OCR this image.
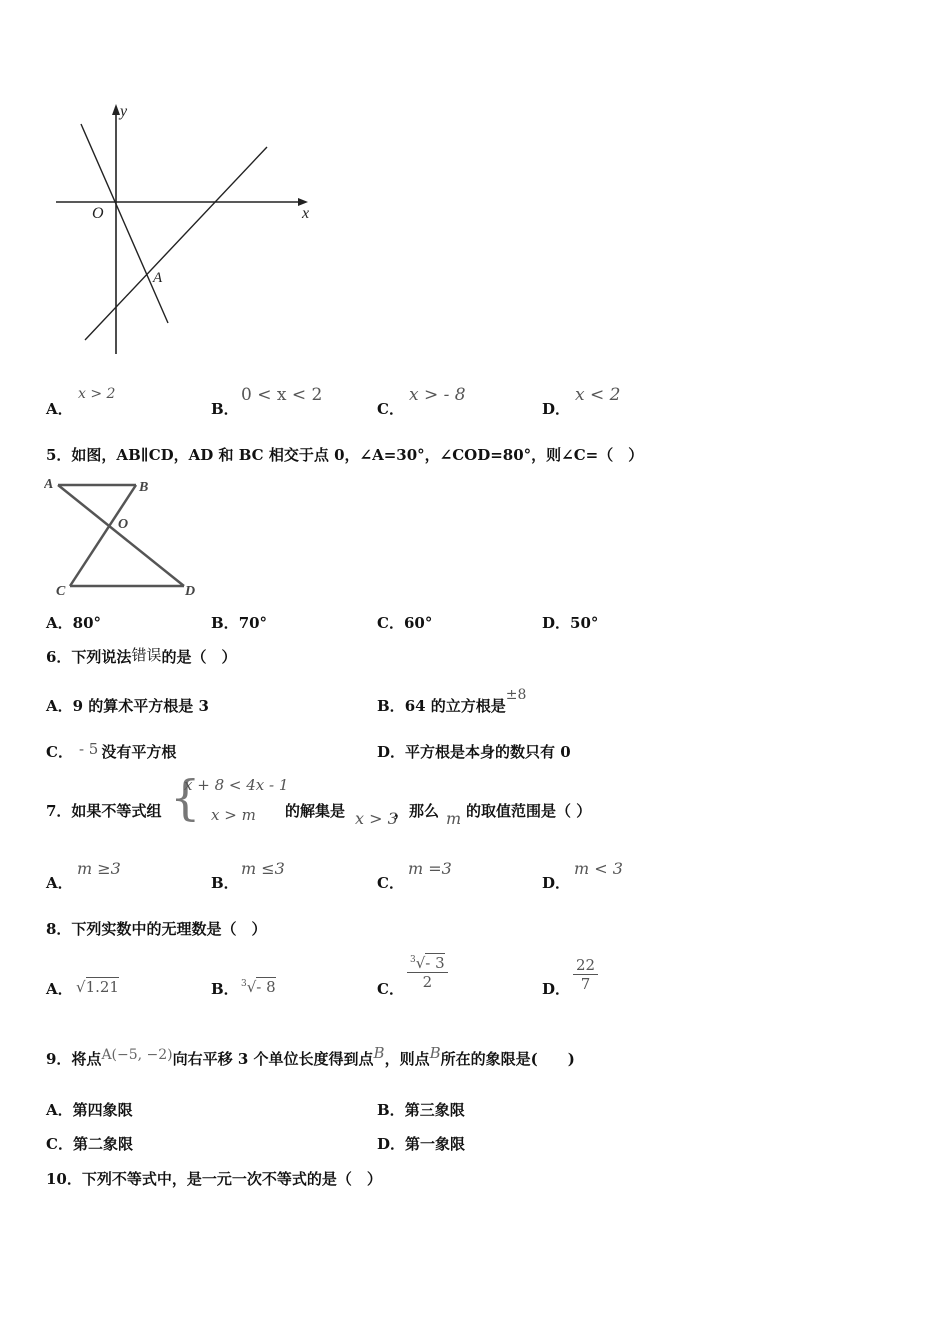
y
x
O
A
A．
x > 2
B．
0 < x < 2
C．
x > - 8
D．
x < 2
5．如图，AB∥CD，AD 和 BC 相交于点 0，∠A=30°，∠COD=80°，则∠C=（　）
A	B
O
C	D
A．80°	B．70°	C．60°	D．50°
6．下列说法错误的是（　）
A．9 的算术平方根是 3	B．64 的立方根是±8
C． - 5 没有平方根	D．平方根是本身的数只有 0
7．如果不等式组 {
x + 8 < 4x - 1
x > m 的解集是 x > 3
，那么 m 的取值范围是（ ）
A．
m ≥3
B．
m ≤3
C．
m =3
D．
m < 3
8．下列实数中的无理数是（　）
A． √1.21	B． $^3$√- 8	C． $\frac{^3√- 3}{2}$	D． $\frac{22}{7}$
9．将点A(−5, −2)向右平移 3 个单位长度得到点B，则点B所在的象限是(　　)
A．第四象限	B．第三象限
C．第二象限	D．第一象限
10．下列不等式中，是一元一次不等式的是（　）
